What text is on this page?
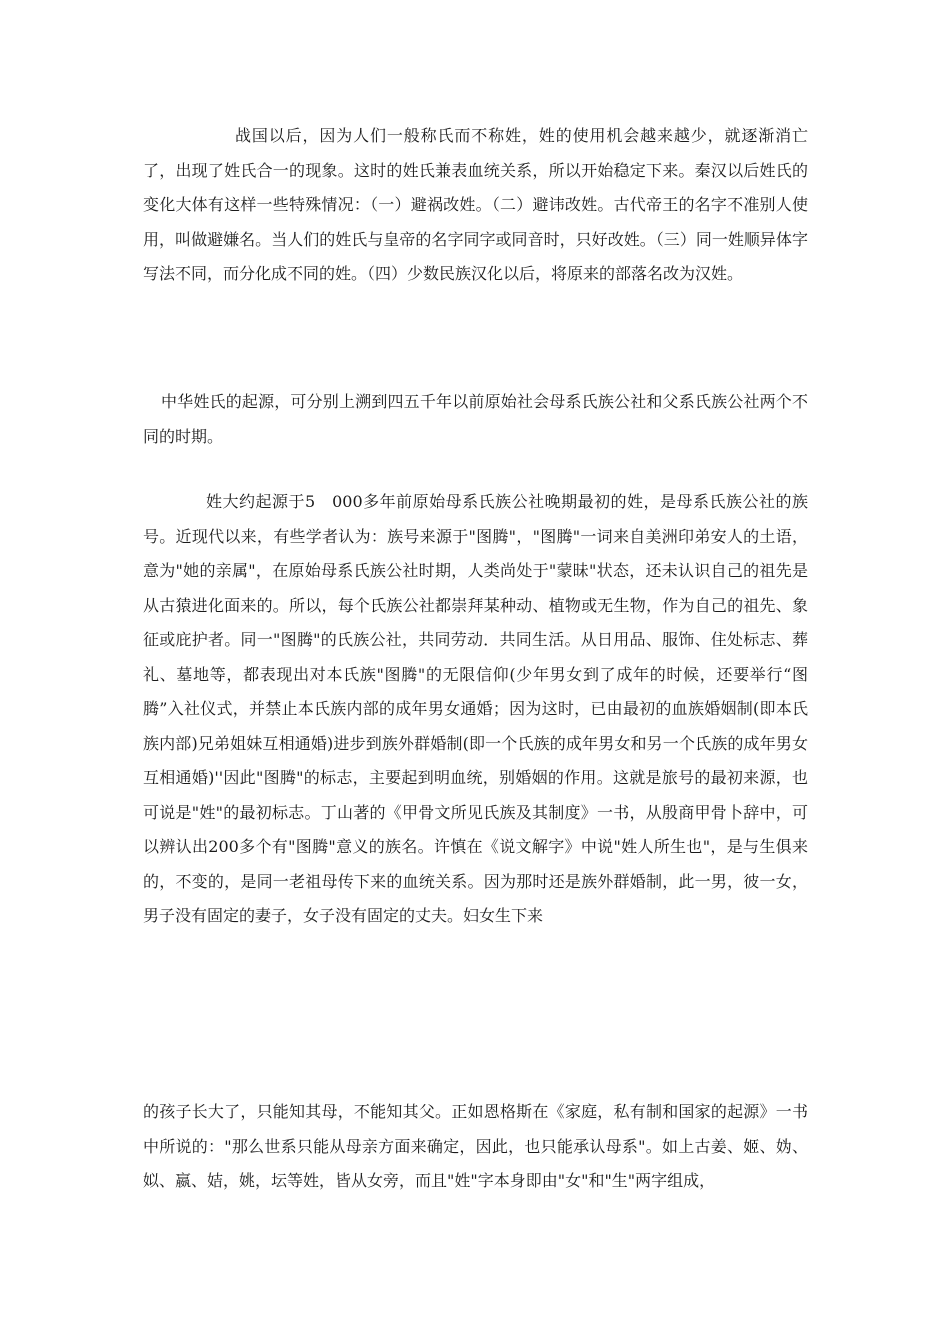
战国以后，因为人们一般称氏而不称姓，姓的使用机会越来越少，就逐渐消亡了，出现了姓氏合一的现象。这时的姓氏兼表血统关系，所以开始稳定下来。秦汉以后姓氏的变化大体有这样一些特殊情况：（一）避祸改姓。（二）避讳改姓。古代帝王的名字不准别人使用，叫做避嫌名。当人们的姓氏与皇帝的名字同字或同音时，只好改姓。（三）同一姓顺异体字写法不同，而分化成不同的姓。（四）少数民族汉化以后，将原来的部落名改为汉姓。

中华姓氏的起源，可分别上溯到四五千年以前原始社会母系氏族公社和父系氏族公社两个不同的时期。

姓大约起源于5　000多年前原始母系氏族公社晚期最初的姓，是母系氏族公社的族号。近现代以来，有些学者认为：族号来源于"图腾"，"图腾"一词来自美洲印弟安人的土语，意为"她的亲属"，在原始母系氏族公社时期，人类尚处于"蒙昧"状态，还未认识自己的祖先是从古猿进化面来的。所以，每个氏族公社都崇拜某种动、植物或无生物，作为自己的祖先、象征或庇护者。同一"图腾"的氏族公社，共同劳动．共同生活。从日用品、服饰、住处标志、葬礼、墓地等，都表现出对本氏族"图腾"的无限信仰(少年男女到了成年的时候，还要举行“图腾”入社仪式，并禁止本氏族内部的成年男女通婚；因为这时，已由最初的血族婚姻制(即本氏族内部)兄弟姐妹互相通婚)进步到族外群婚制(即一个氏族的成年男女和另一个氏族的成年男女互相通婚)''因此"图腾"的标志，主要起到明血统，别婚姻的作用。这就是旅号的最初来源，也可说是"姓"的最初标志。丁山著的《甲骨文所见氏族及其制度》一书，从殷商甲骨卜辞中，可以辨认出200多个有"图腾"意义的族名。许慎在《说文解字》中说"姓人所生也"，是与生俱来的，不变的，是同一老祖母传下来的血统关系。因为那时还是族外群婚制，此一男，彼一女，男子没有固定的妻子，女子没有固定的丈夫。妇女生下来

的孩子长大了，只能知其母，不能知其父。正如恩格斯在《家庭，私有制和国家的起源》一书中所说的："那么世系只能从母亲方面来确定，因此，也只能承认母系"。如上古姜、姬、妫、姒、嬴、姞，姚，坛等姓，皆从女旁，而且"姓"字本身即由"女"和"生"两字组成，
